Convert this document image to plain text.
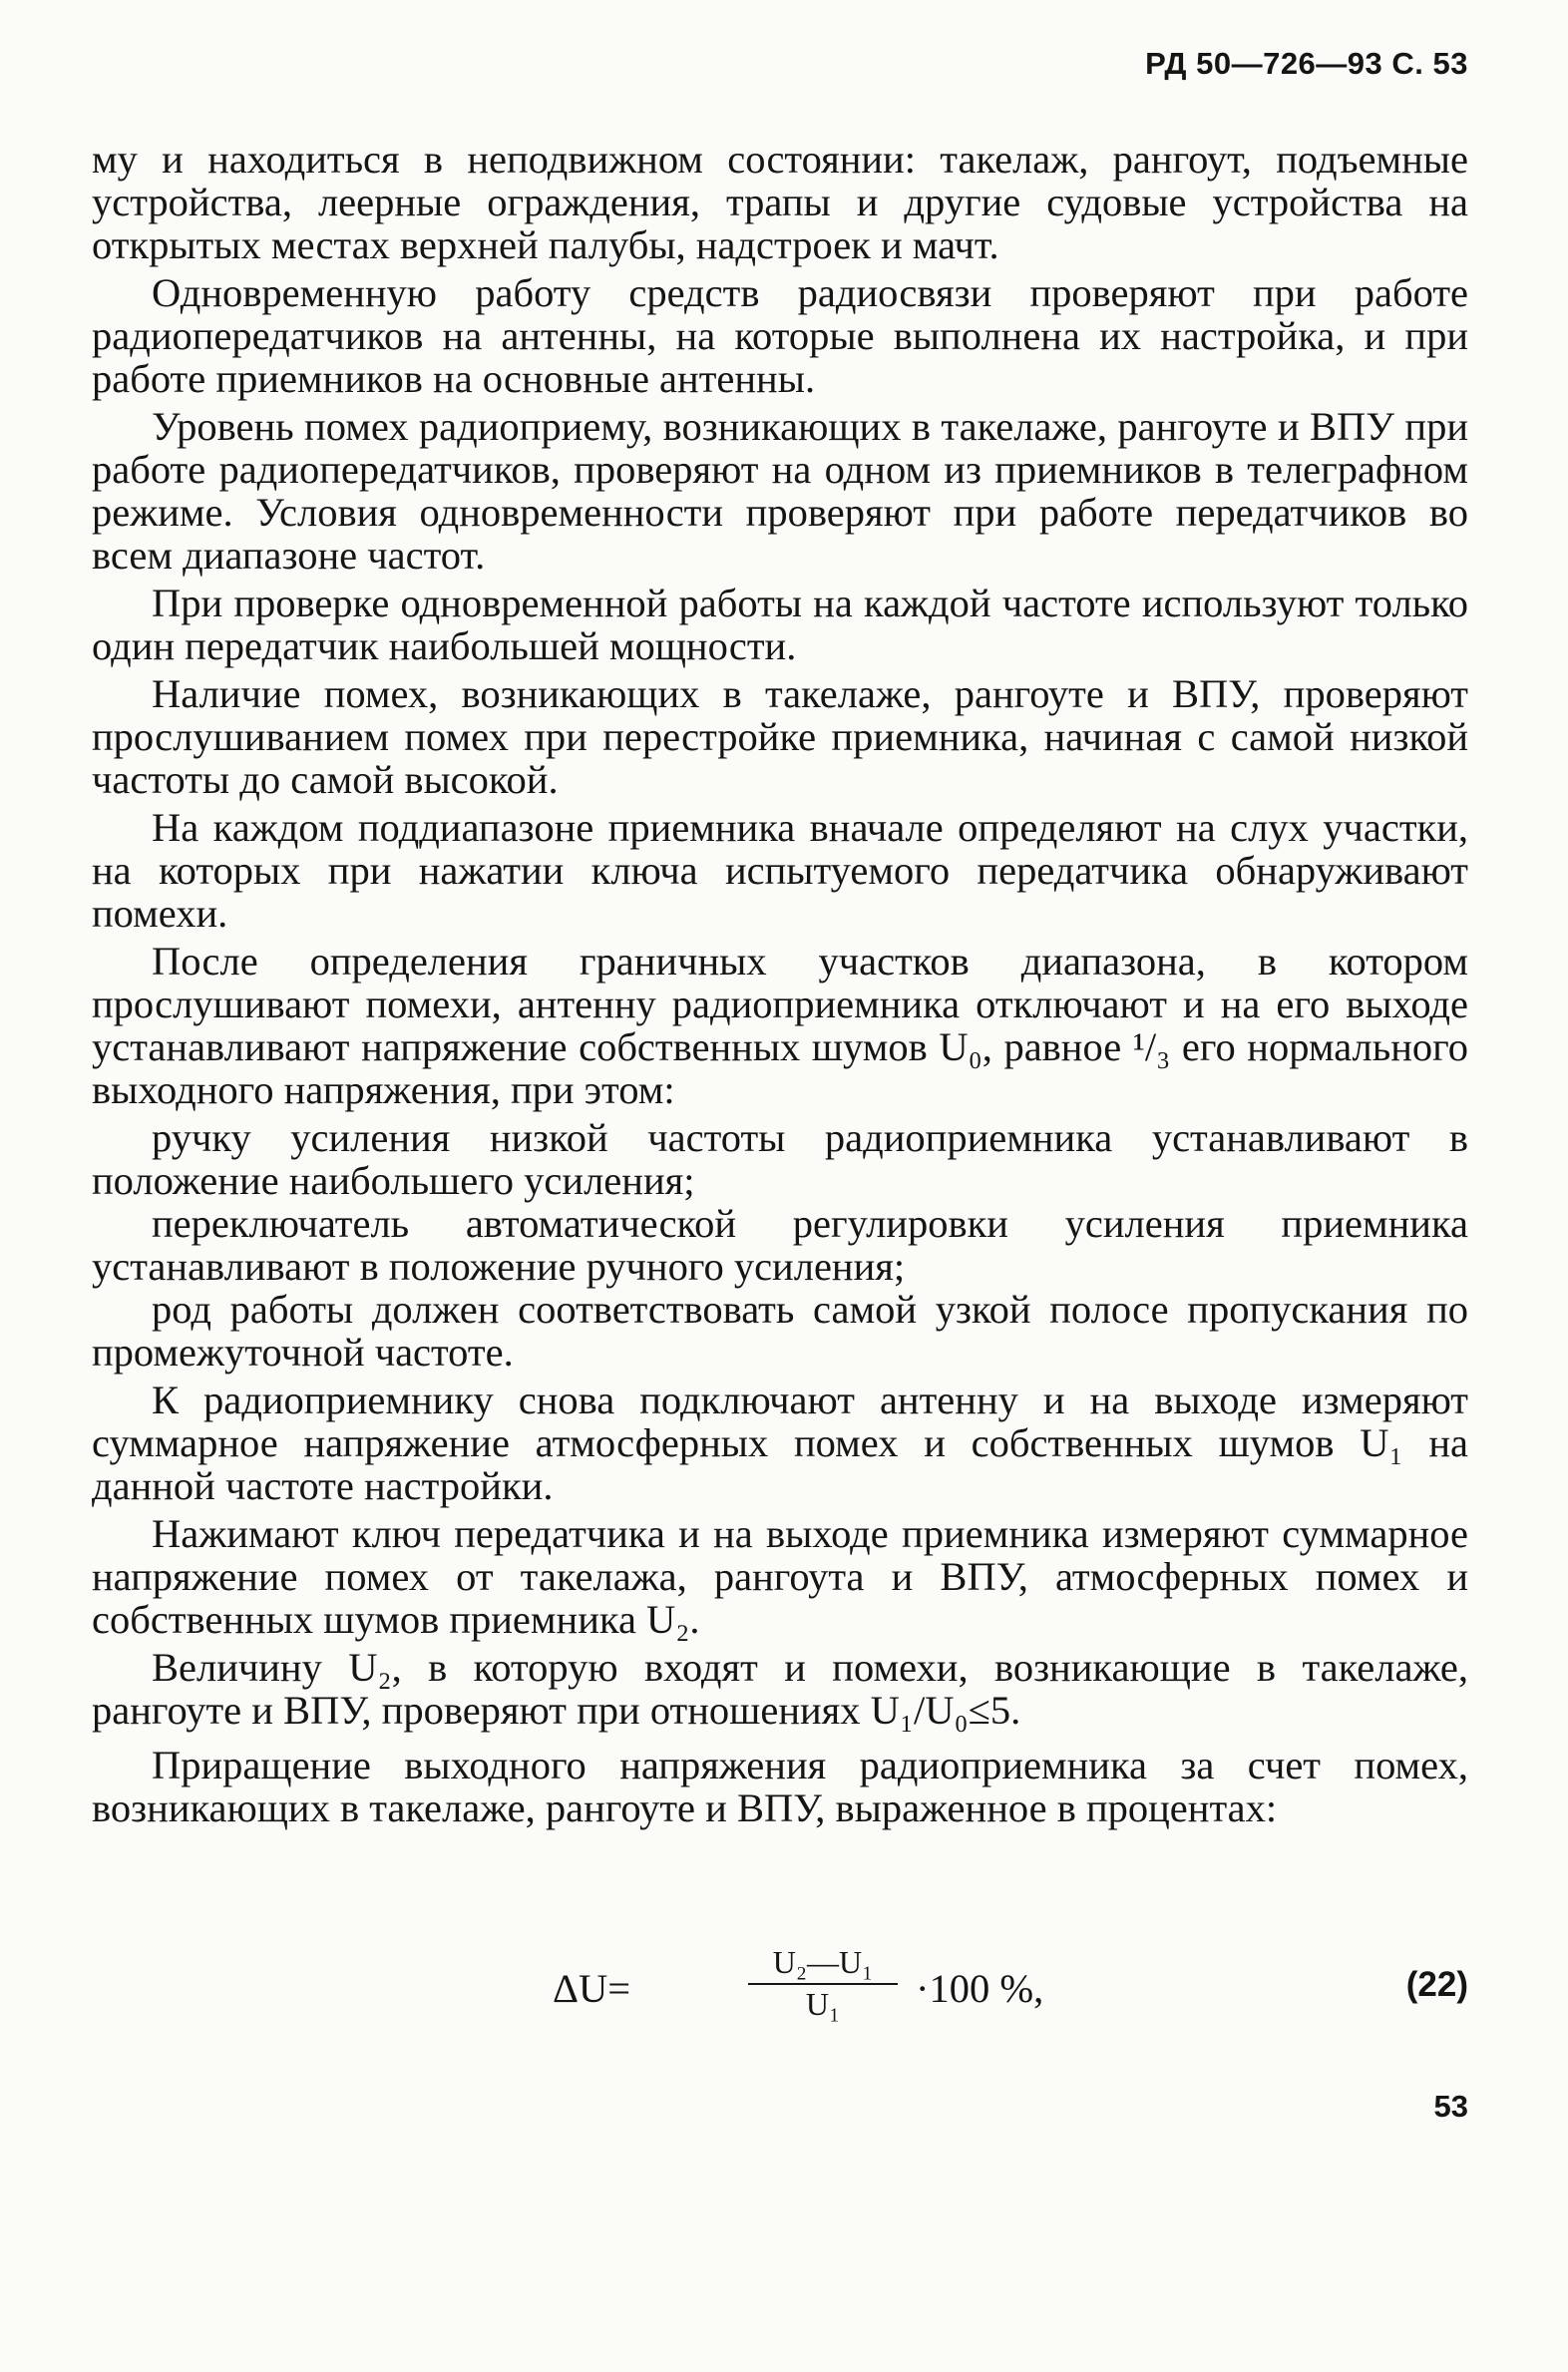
РД 50—726—93 С. 53

му и находиться в неподвижном состоянии: такелаж, рангоут, подъемные устройства, леерные ограждения, трапы и другие судовые устройства на открытых местах верхней палубы, надстроек и мачт.

Одновременную работу средств радиосвязи проверяют при работе радиопередатчиков на антенны, на которые выполнена их настройка, и при работе приемников на основные антенны.

Уровень помех радиоприему, возникающих в такелаже, рангоуте и ВПУ при работе радиопередатчиков, проверяют на одном из приемников в телеграфном режиме. Условия одновременности проверяют при работе передатчиков во всем диапазоне частот.

При проверке одновременной работы на каждой частоте используют только один передатчик наибольшей мощности.

Наличие помех, возникающих в такелаже, рангоуте и ВПУ, проверяют прослушиванием помех при перестройке приемника, начиная с самой низкой частоты до самой высокой.

На каждом поддиапазоне приемника вначале определяют на слух участки, на которых при нажатии ключа испытуемого передатчика обнаруживают помехи.

После определения граничных участков диапазона, в котором прослушивают помехи, антенну радиоприемника отключают и на его выходе устанавливают напряжение собственных шумов U₀, равное ¹/₃ его нормального выходного напряжения, при этом:

ручку усиления низкой частоты радиоприемника устанавливают в положение наибольшего усиления;

переключатель автоматической регулировки усиления приемника устанавливают в положение ручного усиления;

род работы должен соответствовать самой узкой полосе пропускания по промежуточной частоте.

К радиоприемнику снова подключают антенну и на выходе измеряют суммарное напряжение атмосферных помех и собственных шумов U₁ на данной частоте настройки.

Нажимают ключ передатчика и на выходе приемника измеряют суммарное напряжение помех от такелажа, рангоута и ВПУ, атмосферных помех и собственных шумов приемника U₂.

Величину U₂, в которую входят и помехи, возникающие в такелаже, рангоуте и ВПУ, проверяют при отношениях U₁/U₀≤5.

Приращение выходного напряжения радиоприемника за счет помех, возникающих в такелаже, рангоуте и ВПУ, выраженное в процентах:

ΔU=	$\frac{\text{U₂—U₁}}{\text{U₁}} \cdot 100$ %,	(22)
53
